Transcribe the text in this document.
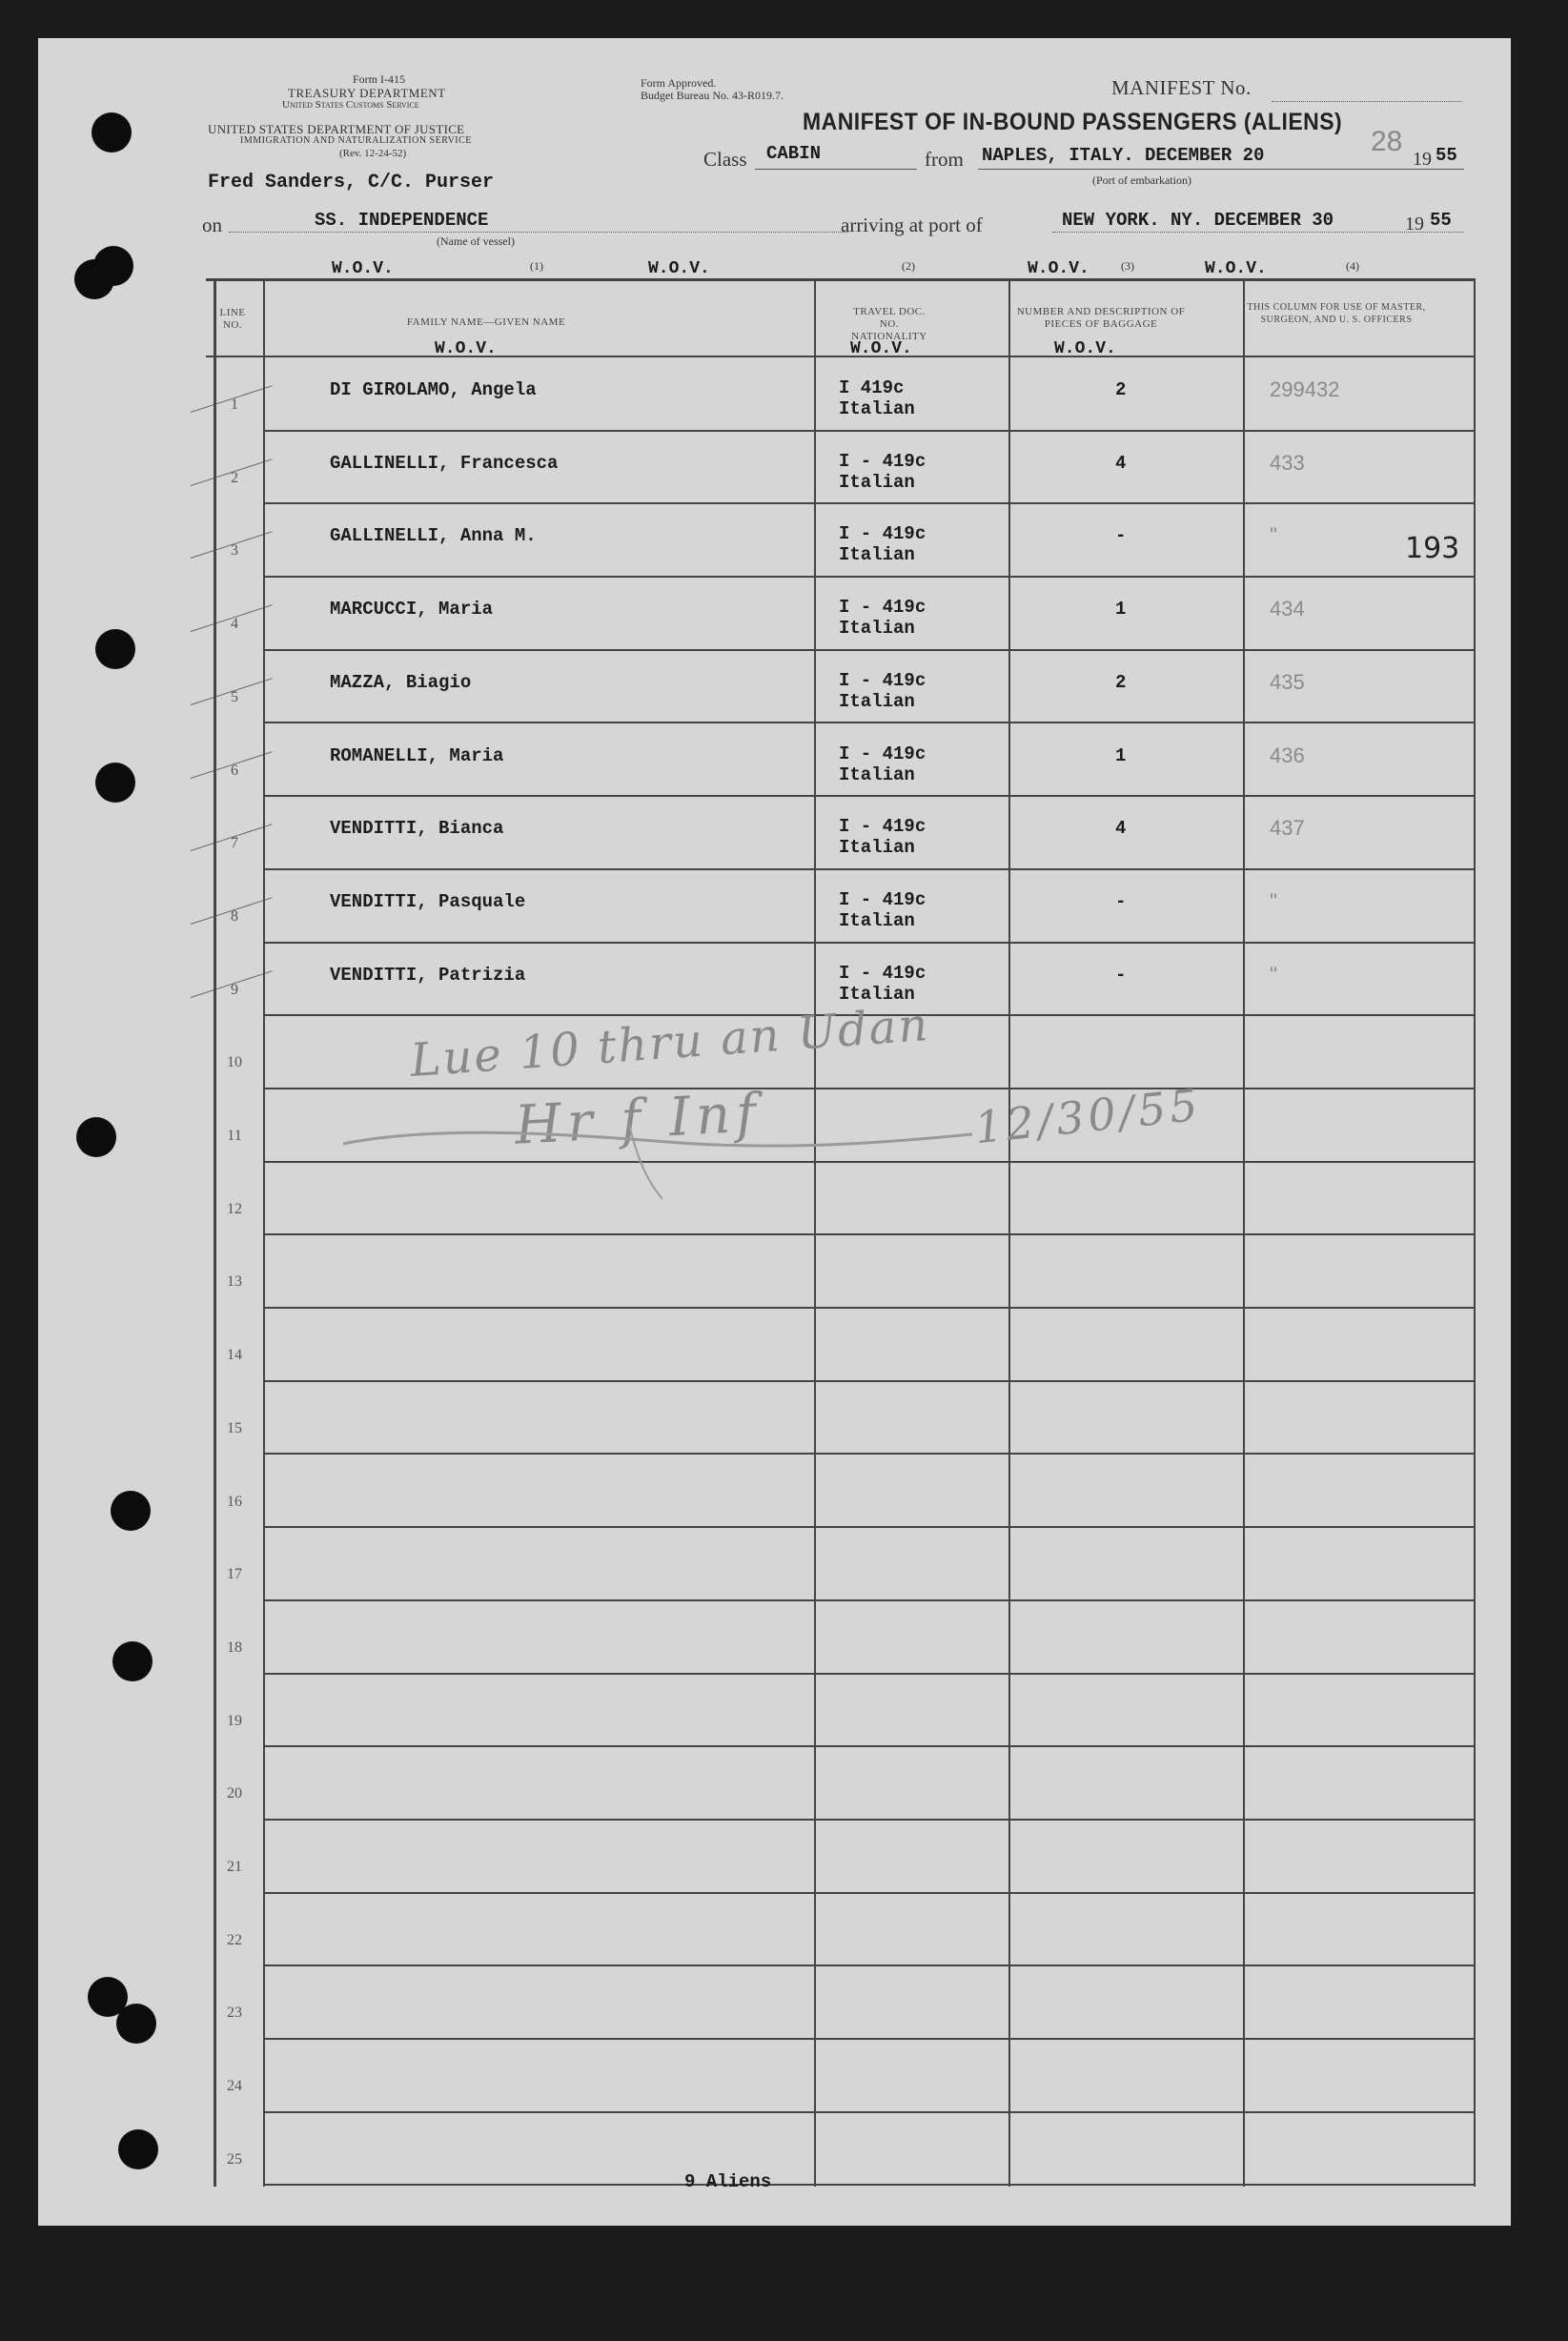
Form I-415
TREASURY DEPARTMENT
United States Customs Service
Form Approved.
Budget Bureau No. 43-R019.7.
UNITED STATES DEPARTMENT OF JUSTICE
IMMIGRATION AND NATURALIZATION SERVICE
(Rev. 12-24-52)
MANIFEST No.
MANIFEST OF IN-BOUND PASSENGERS (ALIENS)
Class CABIN	from NAPLES, ITALY. DECEMBER 20	28
19 55
(Port of embarkation)
Fred Sanders, C/C. Purser
on	SS. INDEPENDENCE
(Name of vessel)
arriving at port of	NEW YORK. NY. DECEMBER 30	19 55
W.O.V.	(1)	W.O.V.	(2)	W.O.V.	(3)	W.O.V.	(4)
LINE NO.	FAMILY NAME—GIVEN NAME
W.O.V.
TRAVEL DOC. NO. NATIONALITY
W.O.V.
NUMBER AND DESCRIPTION OF PIECES OF BAGGAGE
W.O.V.
THIS COLUMN FOR USE OF MASTER, SURGEON, AND U. S. OFFICERS
1
DI GIROLAMO, Angela	I 419c
Italian
2	299432
2
GALLINELLI, Francesca	I - 419c
Italian
4	433
3
GALLINELLI, Anna M.	I - 419c
Italian
-	"
4
MARCUCCI, Maria	I - 419c
Italian
1	434
5
MAZZA, Biagio	I - 419c
Italian
2	435
6
ROMANELLI, Maria	I - 419c
Italian
1	436
7
VENDITTI, Bianca	I - 419c
Italian
4	437
8
VENDITTI, Pasquale	I - 419c
Italian
-	"
9
VENDITTI, Patrizia	I - 419c
Italian
-	"
10
11
12
13
14
15
16
17
18
19
20
21
22
23
24
25
193
Lue 10 thru an Udan
Hr f Inf	12/30/55
9 Aliens
